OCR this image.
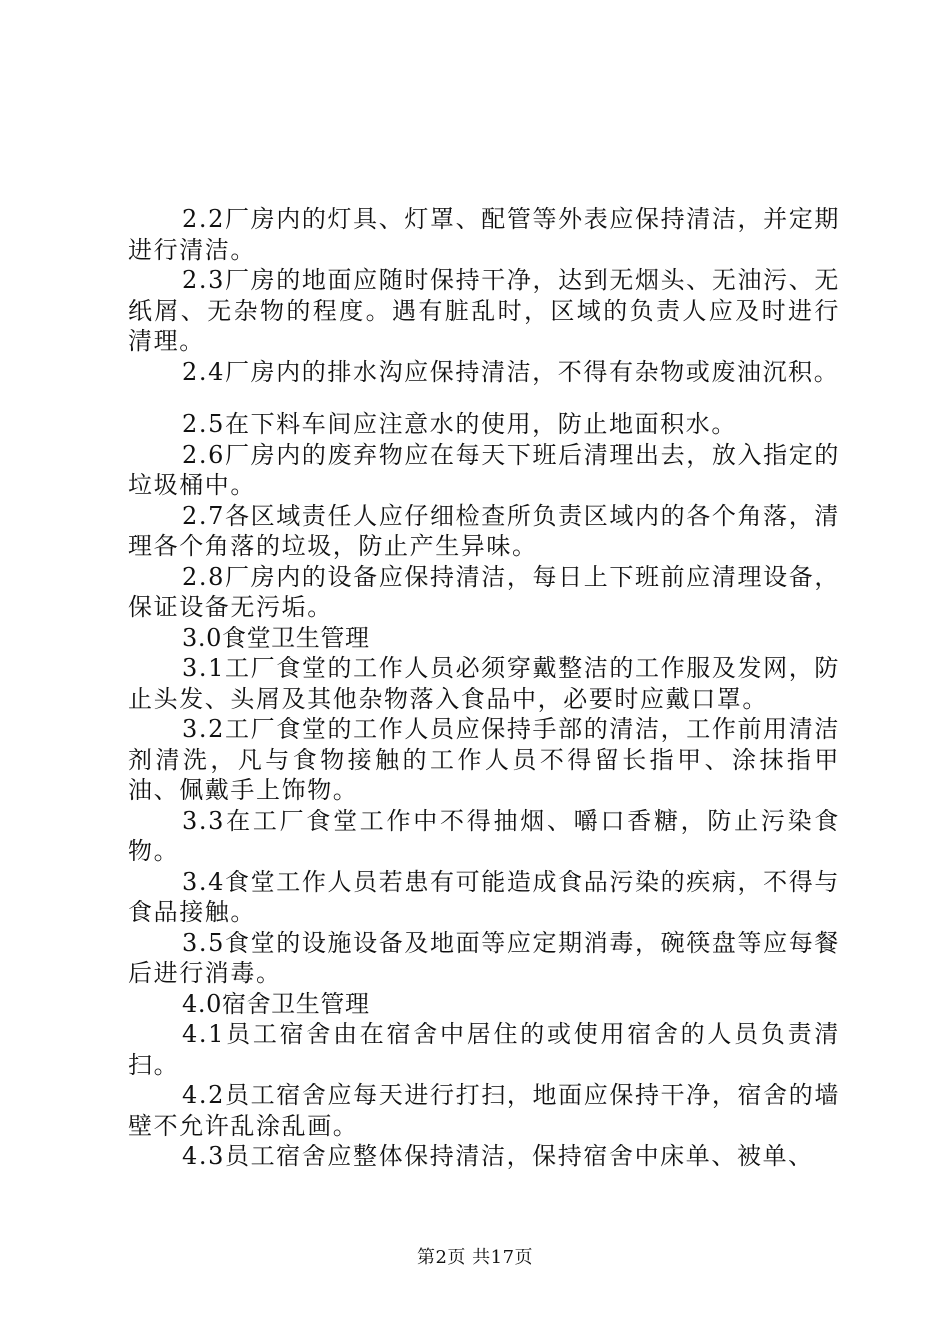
2.2厂房内的灯具、灯罩、配管等外表应保持清洁，并定期进行清洁。

2.3厂房的地面应随时保持干净，达到无烟头、无油污、无纸屑、无杂物的程度。遇有脏乱时，区域的负责人应及时进行清理。

2.4厂房内的排水沟应保持清洁，不得有杂物或废油沉积。

2.5在下料车间应注意水的使用，防止地面积水。

2.6厂房内的废弃物应在每天下班后清理出去，放入指定的垃圾桶中。

2.7各区域责任人应仔细检查所负责区域内的各个角落，清理各个角落的垃圾，防止产生异味。

2.8厂房内的设备应保持清洁，每日上下班前应清理设备，保证设备无污垢。

3.0食堂卫生管理

3.1工厂食堂的工作人员必须穿戴整洁的工作服及发网，防止头发、头屑及其他杂物落入食品中，必要时应戴口罩。

3.2工厂食堂的工作人员应保持手部的清洁，工作前用清洁剂清洗，凡与食物接触的工作人员不得留长指甲、涂抹指甲油、佩戴手上饰物。

3.3在工厂食堂工作中不得抽烟、嚼口香糖，防止污染食物。

3.4食堂工作人员若患有可能造成食品污染的疾病，不得与食品接触。

3.5食堂的设施设备及地面等应定期消毒，碗筷盘等应每餐后进行消毒。

4.0宿舍卫生管理

4.1员工宿舍由在宿舍中居住的或使用宿舍的人员负责清扫。

4.2员工宿舍应每天进行打扫，地面应保持干净，宿舍的墙壁不允许乱涂乱画。

4.3员工宿舍应整体保持清洁，保持宿舍中床单、被单、

第2页 共17页
